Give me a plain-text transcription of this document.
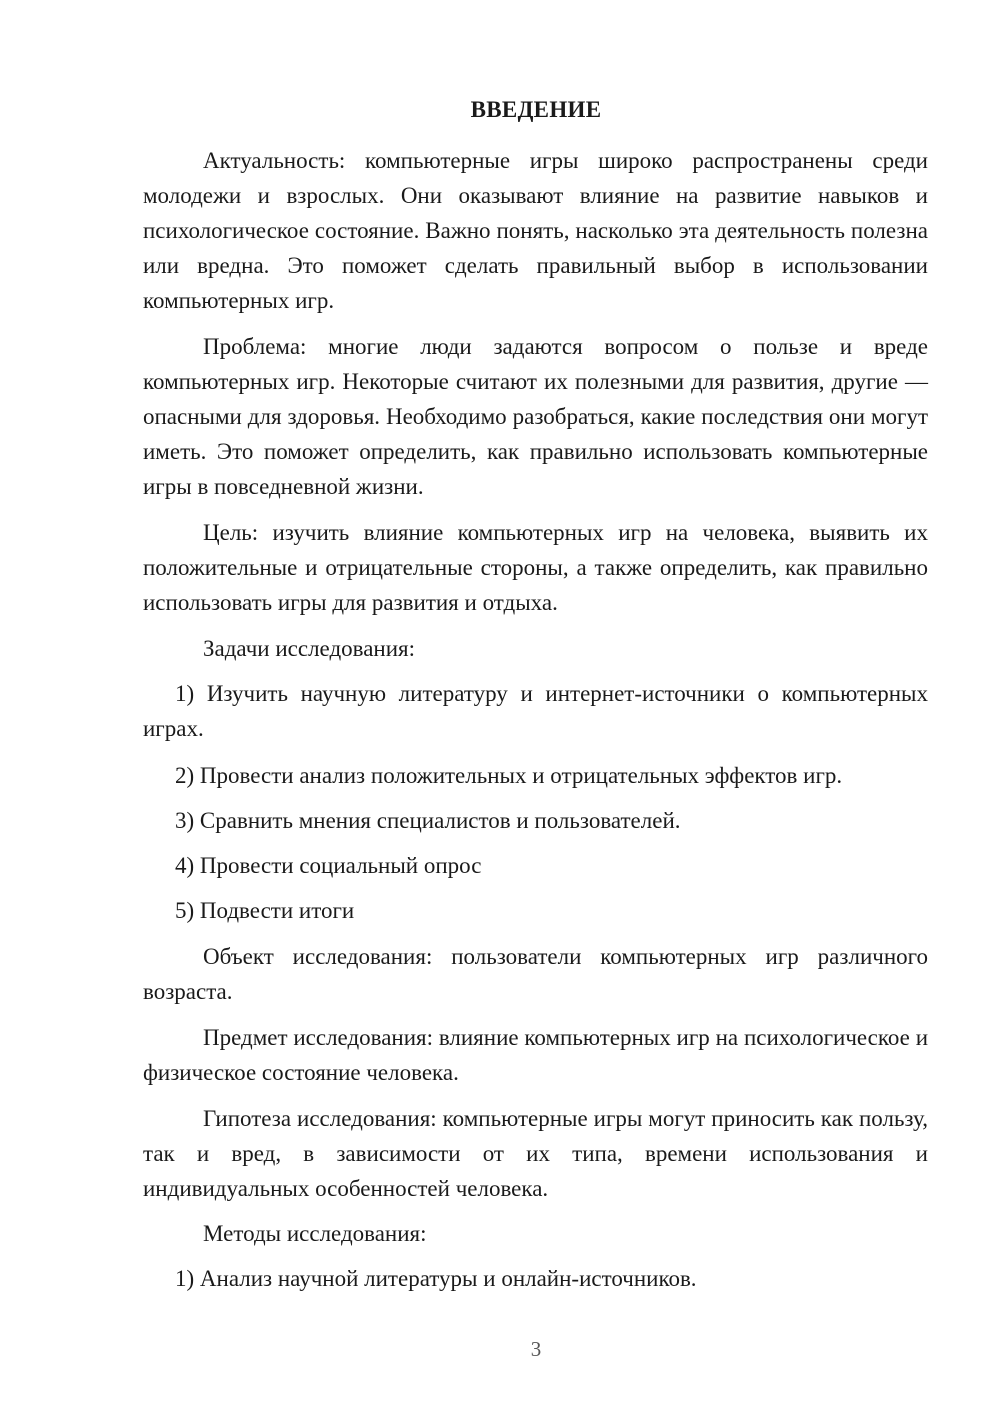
ВВЕДЕНИЕ
Актуальность: компьютерные игры широко распространены среди молодежи и взрослых. Они оказывают влияние на развитие навыков и психологическое состояние. Важно понять, насколько эта деятельность полезна или вредна. Это поможет сделать правильный выбор в использовании компьютерных игр.
Проблема: многие люди задаются вопросом о пользе и вреде компьютерных игр. Некоторые считают их полезными для развития, другие — опасными для здоровья. Необходимо разобраться, какие последствия они могут иметь. Это поможет определить, как правильно использовать компьютерные игры в повседневной жизни.
Цель: изучить влияние компьютерных игр на человека, выявить их положительные и отрицательные стороны, а также определить, как правильно использовать игры для развития и отдыха.
Задачи исследования:
1) Изучить научную литературу и интернет-источники о компьютерных играх.
2) Провести анализ положительных и отрицательных эффектов игр.
3) Сравнить мнения специалистов и пользователей.
4) Провести социальный опрос
5) Подвести итоги
Объект исследования: пользователи компьютерных игр различного возраста.
Предмет исследования: влияние компьютерных игр на психологическое и физическое состояние человека.
Гипотеза исследования: компьютерные игры могут приносить как пользу, так и вред, в зависимости от их типа, времени использования и индивидуальных особенностей человека.
Методы исследования:
1) Анализ научной литературы и онлайн-источников.
3
